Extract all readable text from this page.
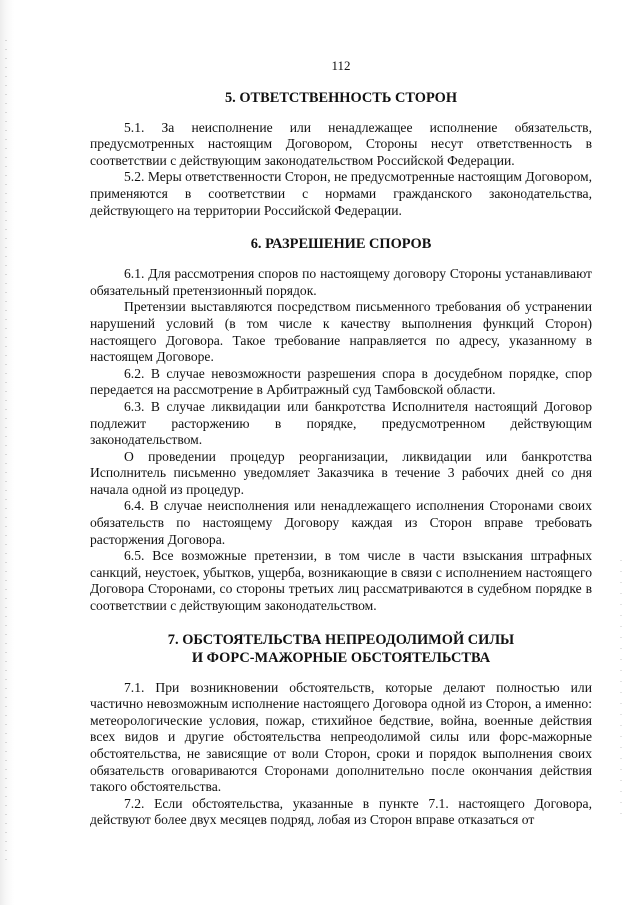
112

5. ОТВЕТСТВЕННОСТЬ СТОРОН

5.1. За неисполнение или ненадлежащее исполнение обязательств, предусмотренных настоящим Договором, Стороны несут ответственность в соответствии с действующим законодательством Российской Федерации.

5.2. Меры ответственности Сторон, не предусмотренные настоящим Договором, применяются в соответствии с нормами гражданского законодательства, действующего на территории Российской Федерации.

6. РАЗРЕШЕНИЕ СПОРОВ

6.1. Для рассмотрения споров по настоящему договору Стороны устанавливают обязательный претензионный порядок.

Претензии выставляются посредством письменного требования об устранении нарушений условий (в том числе к качеству выполнения функций Сторон) настоящего Договора. Такое требование направляется по адресу, указанному в настоящем Договоре.

6.2. В случае невозможности разрешения спора в досудебном порядке, спор передается на рассмотрение в Арбитражный суд Тамбовской области.

6.3. В случае ликвидации или банкротства Исполнителя настоящий Договор подлежит расторжению в порядке, предусмотренном действующим законодательством.

О проведении процедур реорганизации, ликвидации или банкротства Исполнитель письменно уведомляет Заказчика в течение 3 рабочих дней со дня начала одной из процедур.

6.4. В случае неисполнения или ненадлежащего исполнения Сторонами своих обязательств по настоящему Договору каждая из Сторон вправе требовать расторжения Договора.

6.5. Все возможные претензии, в том числе в части взыскания штрафных санкций, неустоек, убытков, ущерба, возникающие в связи с исполнением настоящего Договора Сторонами, со стороны третьих лиц рассматриваются в судебном порядке в соответствии с действующим законодательством.

7. ОБСТОЯТЕЛЬСТВА НЕПРЕОДОЛИМОЙ СИЛЫ
И ФОРС-МАЖОРНЫЕ ОБСТОЯТЕЛЬСТВА

7.1. При возникновении обстоятельств, которые делают полностью или частично невозможным исполнение настоящего Договора одной из Сторон, а именно: метеорологические условия, пожар, стихийное бедствие, война, военные действия всех видов и другие обстоятельства непреодолимой силы или форс-мажорные обстоятельства, не зависящие от воли Сторон, сроки и порядок выполнения своих обязательств оговариваются Сторонами дополнительно после окончания действия такого обстоятельства.

7.2. Если обстоятельства, указанные в пункте 7.1. настоящего Договора, действуют более двух месяцев подряд, лобая из Сторон вправе отказаться от
